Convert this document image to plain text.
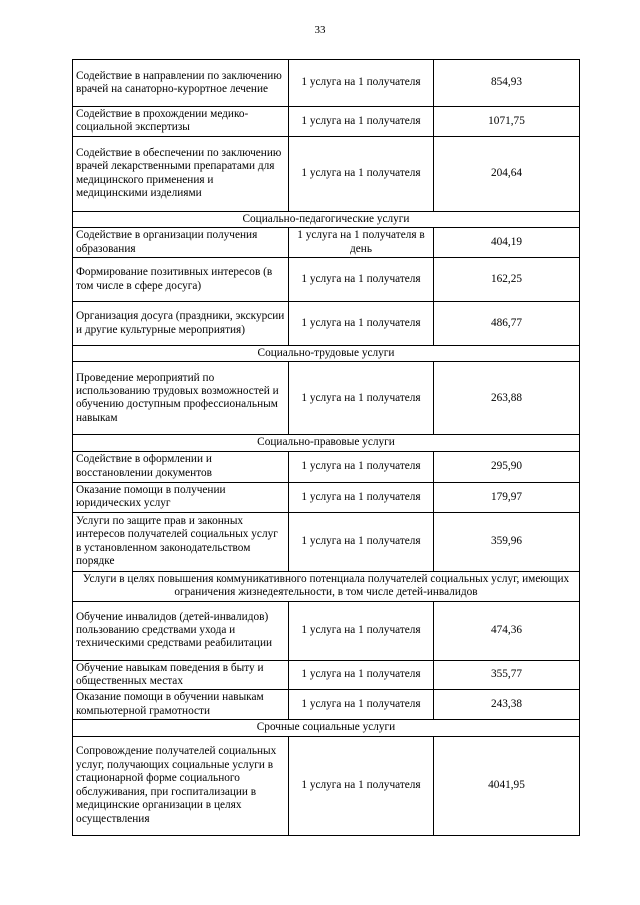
33
Содействие в направлении по заключению врачей на санаторно-курортное лечение	1 услуга на 1 получателя	854,93
Содействие в прохождении медико-социальной экспертизы	1 услуга на 1 получателя	1071,75
Содействие в обеспечении по заключению врачей лекарственными препаратами для медицинского применения и медицинскими изделиями	1 услуга на 1 получателя	204,64
Социально-педагогические услуги		
Содействие в организации получения образования	1 услуга на 1 получателя в день	404,19
Формирование позитивных интересов (в том числе в сфере досуга)	1 услуга на 1 получателя	162,25
Организация досуга (праздники, экскурсии и другие культурные мероприятия)	1 услуга на 1 получателя	486,77
Социально-трудовые услуги		
Проведение мероприятий по использованию трудовых возможностей и обучению доступным профессиональным навыкам	1 услуга на 1 получателя	263,88
Социально-правовые услуги		
Содействие в оформлении и восстановлении документов	1 услуга на 1 получателя	295,90
Оказание помощи в получении юридических услуг	1 услуга на 1 получателя	179,97
Услуги по защите прав и законных интересов получателей социальных услуг в установленном законодательством порядке	1 услуга на 1 получателя	359,96
Услуги в целях повышения коммуникативного потенциала получателей социальных услуг, имеющих ограничения жизнедеятельности, в том числе детей-инвалидов		
Обучение инвалидов (детей-инвалидов) пользованию средствами ухода и техническими средствами реабилитации	1 услуга на 1 получателя	474,36
Обучение навыкам поведения в быту и общественных местах	1 услуга на 1 получателя	355,77
Оказание помощи в обучении навыкам компьютерной грамотности	1 услуга на 1 получателя	243,38
Срочные социальные услуги		
Сопровождение получателей социальных услуг, получающих социальные услуги в стационарной форме социального обслуживания, при госпитализации в медицинские организации в целях осуществления	1 услуга на 1 получателя	4041,95
